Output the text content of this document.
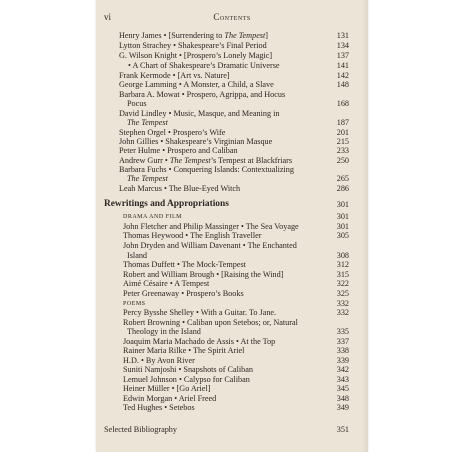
vi	Contents
Henry James • [Surrendering to The Tempest]	131
Lytton Strachey • Shakespeare’s Final Period	134
G. Wilson Knight • [Prospero’s Lonely Magic]	137
• A Chart of Shakespeare’s Dramatic Universe	141
Frank Kermode • [Art vs. Nature]	142
George Lamming • A Monster, a Child, a Slave	148
Barbara A. Mowat • Prospero, Agrippa, and Hocus
Pocus	168
David Lindley • Music, Masque, and Meaning in
The Tempest	187
Stephen Orgel • Prospero’s Wife	201
John Gillies • Shakespeare’s Virginian Masque	215
Peter Hulme • Prospero and Caliban	233
Andrew Gurr • The Tempest’s Tempest at Blackfriars	250
Barbara Fuchs • Conquering Islands: Contextualizing
The Tempest	265
Leah Marcus • The Blue-Eyed Witch	286
Rewritings and Appropriations	301
DRAMA AND FILM	301
John Fletcher and Philip Massinger • The Sea Voyage	301
Thomas Heywood • The English Traveller	305
John Dryden and William Davenant • The Enchanted
Island	308
Thomas Duffett • The Mock-Tempest	312
Robert and William Brough • [Raising the Wind]	315
Aimé Césaire • A Tempest	322
Peter Greenaway • Prospero’s Books	325
POEMS	332
Percy Bysshe Shelley • With a Guitar. To Jane.	332
Robert Browning • Caliban upon Setebos; or, Natural
Theology in the Island	335
Joaquim Maria Machado de Assis • At the Top	337
Rainer Maria Rilke • The Spirit Ariel	338
H.D. • By Avon River	339
Suniti Namjoshi • Snapshots of Caliban	342
Lemuel Johnson • Calypso for Caliban	343
Heiner Müller • [Go Ariel]	345
Edwin Morgan • Ariel Freed	348
Ted Hughes • Setebos	349
Selected Bibliography	351
